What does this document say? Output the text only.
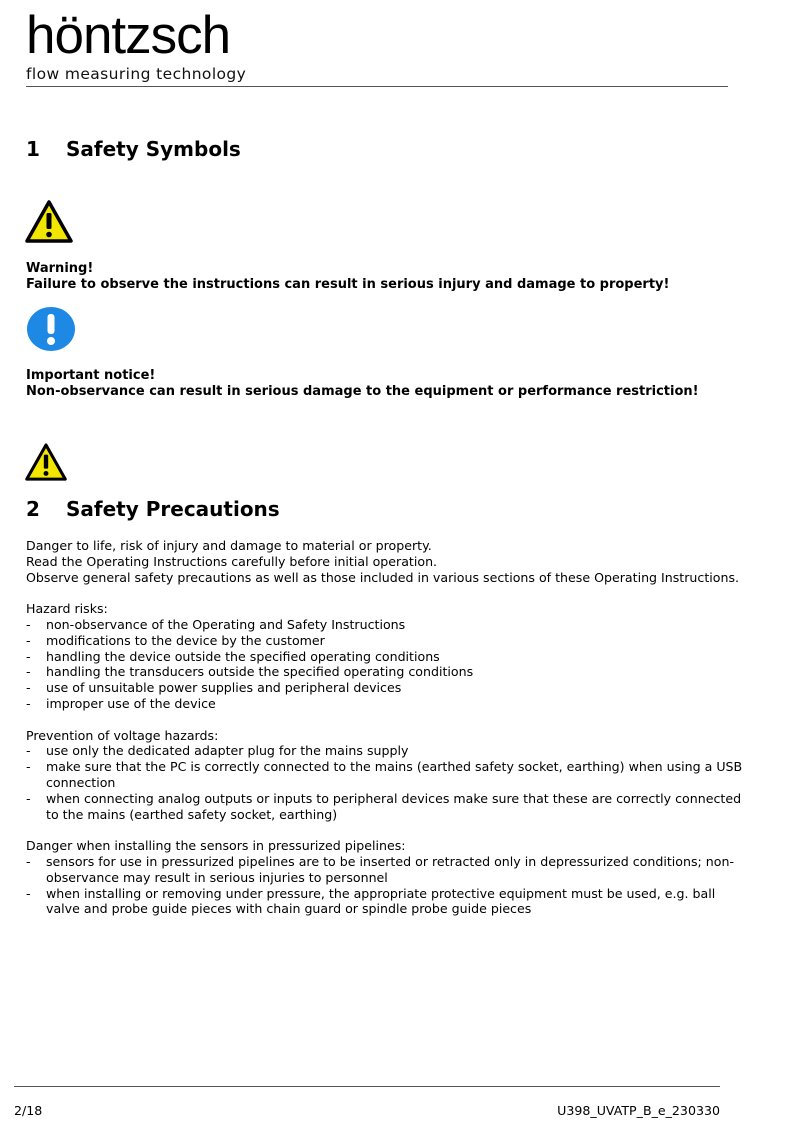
höntzsch
flow measuring technology
1 Safety Symbols
Warning!
Failure to observe the instructions can result in serious injury and damage to property!
Important notice!
Non-observance can result in serious damage to the equipment or performance restriction!
2 Safety Precautions

Danger to life, risk of injury and damage to material or property.

Read the Operating Instructions carefully before initial operation.

Observe general safety precautions as well as those included in various sections of these Operating Instructions.

Hazard risks:

-	non-observance of the Operating and Safety Instructions
-	modifications to the device by the customer
-	handling the device outside the specified operating conditions
-	handling the transducers outside the specified operating conditions
-	use of unsuitable power supplies and peripheral devices
-	improper use of the device

Prevention of voltage hazards:

-	use only the dedicated adapter plug for the mains supply
-	make sure that the PC is correctly connected to the mains (earthed safety socket, earthing) when using a USB connection
-	when connecting analog outputs or inputs to peripheral devices make sure that these are correctly connected to the mains (earthed safety socket, earthing)

Danger when installing the sensors in pressurized pipelines:

-	sensors for use in pressurized pipelines are to be inserted or retracted only in depressurized conditions; non-observance may result in serious injuries to personnel
-	when installing or removing under pressure, the appropriate protective equipment must be used, e.g. ball valve and probe guide pieces with chain guard or spindle probe guide pieces
2/18	U398_UVATP_B_e_230330
